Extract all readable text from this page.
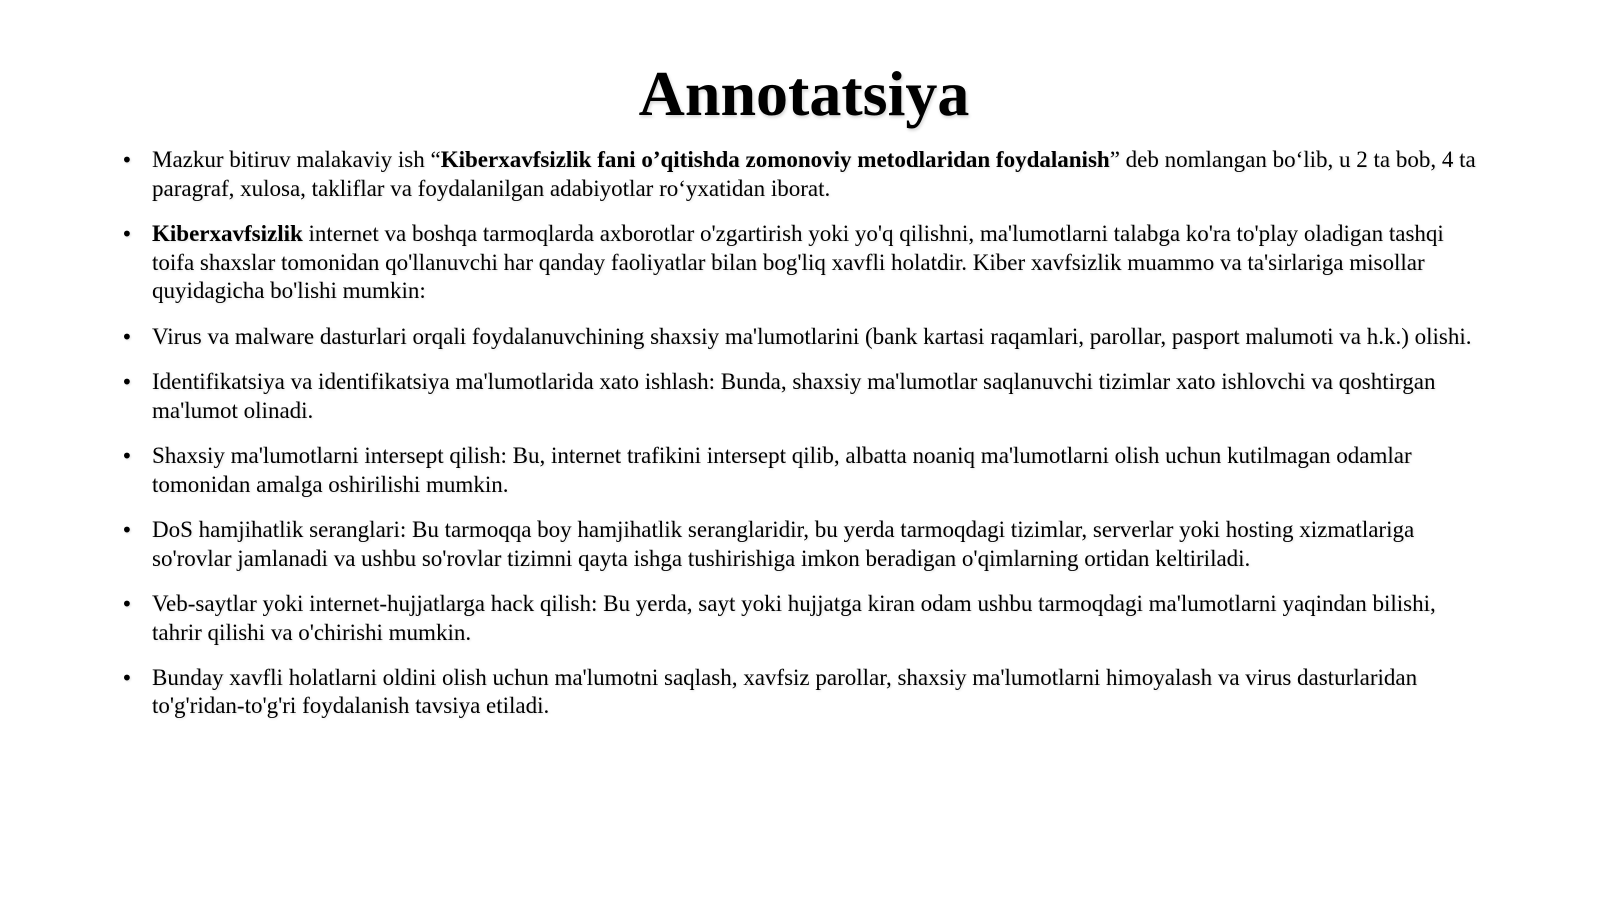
Annotatsiya
• Mazkur bitiruv malakaviy ish “Kiberxavfsizlik fani o’qitishda zomonoviy metodlaridan foydalanish” deb nomlangan bo‘lib, u 2 ta bob, 4 ta paragraf, xulosa, takliflar va foydalanilgan adabiyotlar ro‘yxatidan iborat.
• Kiberxavfsizlik internet va boshqa tarmoqlarda axborotlar o'zgartirish yoki yo'q qilishni, ma'lumotlarni talabga ko'ra to'play oladigan tashqi toifa shaxslar tomonidan qo'llanuvchi har qanday faoliyatlar bilan bog'liq xavfli holatdir. Kiber xavfsizlik muammo va ta'sirlariga misollar quyidagicha bo'lishi mumkin:
• Virus va malware dasturlari orqali foydalanuvchining shaxsiy ma'lumotlarini (bank kartasi raqamlari, parollar, pasport malumoti va h.k.) olishi.
• Identifikatsiya va identifikatsiya ma'lumotlarida xato ishlash: Bunda, shaxsiy ma'lumotlar saqlanuvchi tizimlar xato ishlovchi va qoshtirgan ma'lumot olinadi.
• Shaxsiy ma'lumotlarni intersept qilish: Bu, internet trafikini intersept qilib, albatta noaniq ma'lumotlarni olish uchun kutilmagan odamlar tomonidan amalga oshirilishi mumkin.
• DoS hamjihatlik seranglari: Bu tarmoqqa boy hamjihatlik seranglaridir, bu yerda tarmoqdagi tizimlar, serverlar yoki hosting xizmatlariga so'rovlar jamlanadi va ushbu so'rovlar tizimni qayta ishga tushirishiga imkon beradigan o'qimlarning ortidan keltiriladi.
• Veb-saytlar yoki internet-hujjatlarga hack qilish: Bu yerda, sayt yoki hujjatga kiran odam ushbu tarmoqdagi ma'lumotlarni yaqindan bilishi, tahrir qilishi va o'chirishi mumkin.
• Bunday xavfli holatlarni oldini olish uchun ma'lumotni saqlash, xavfsiz parollar, shaxsiy ma'lumotlarni himoyalash va virus dasturlaridan to'g'ridan-to'g'ri foydalanish tavsiya etiladi.
